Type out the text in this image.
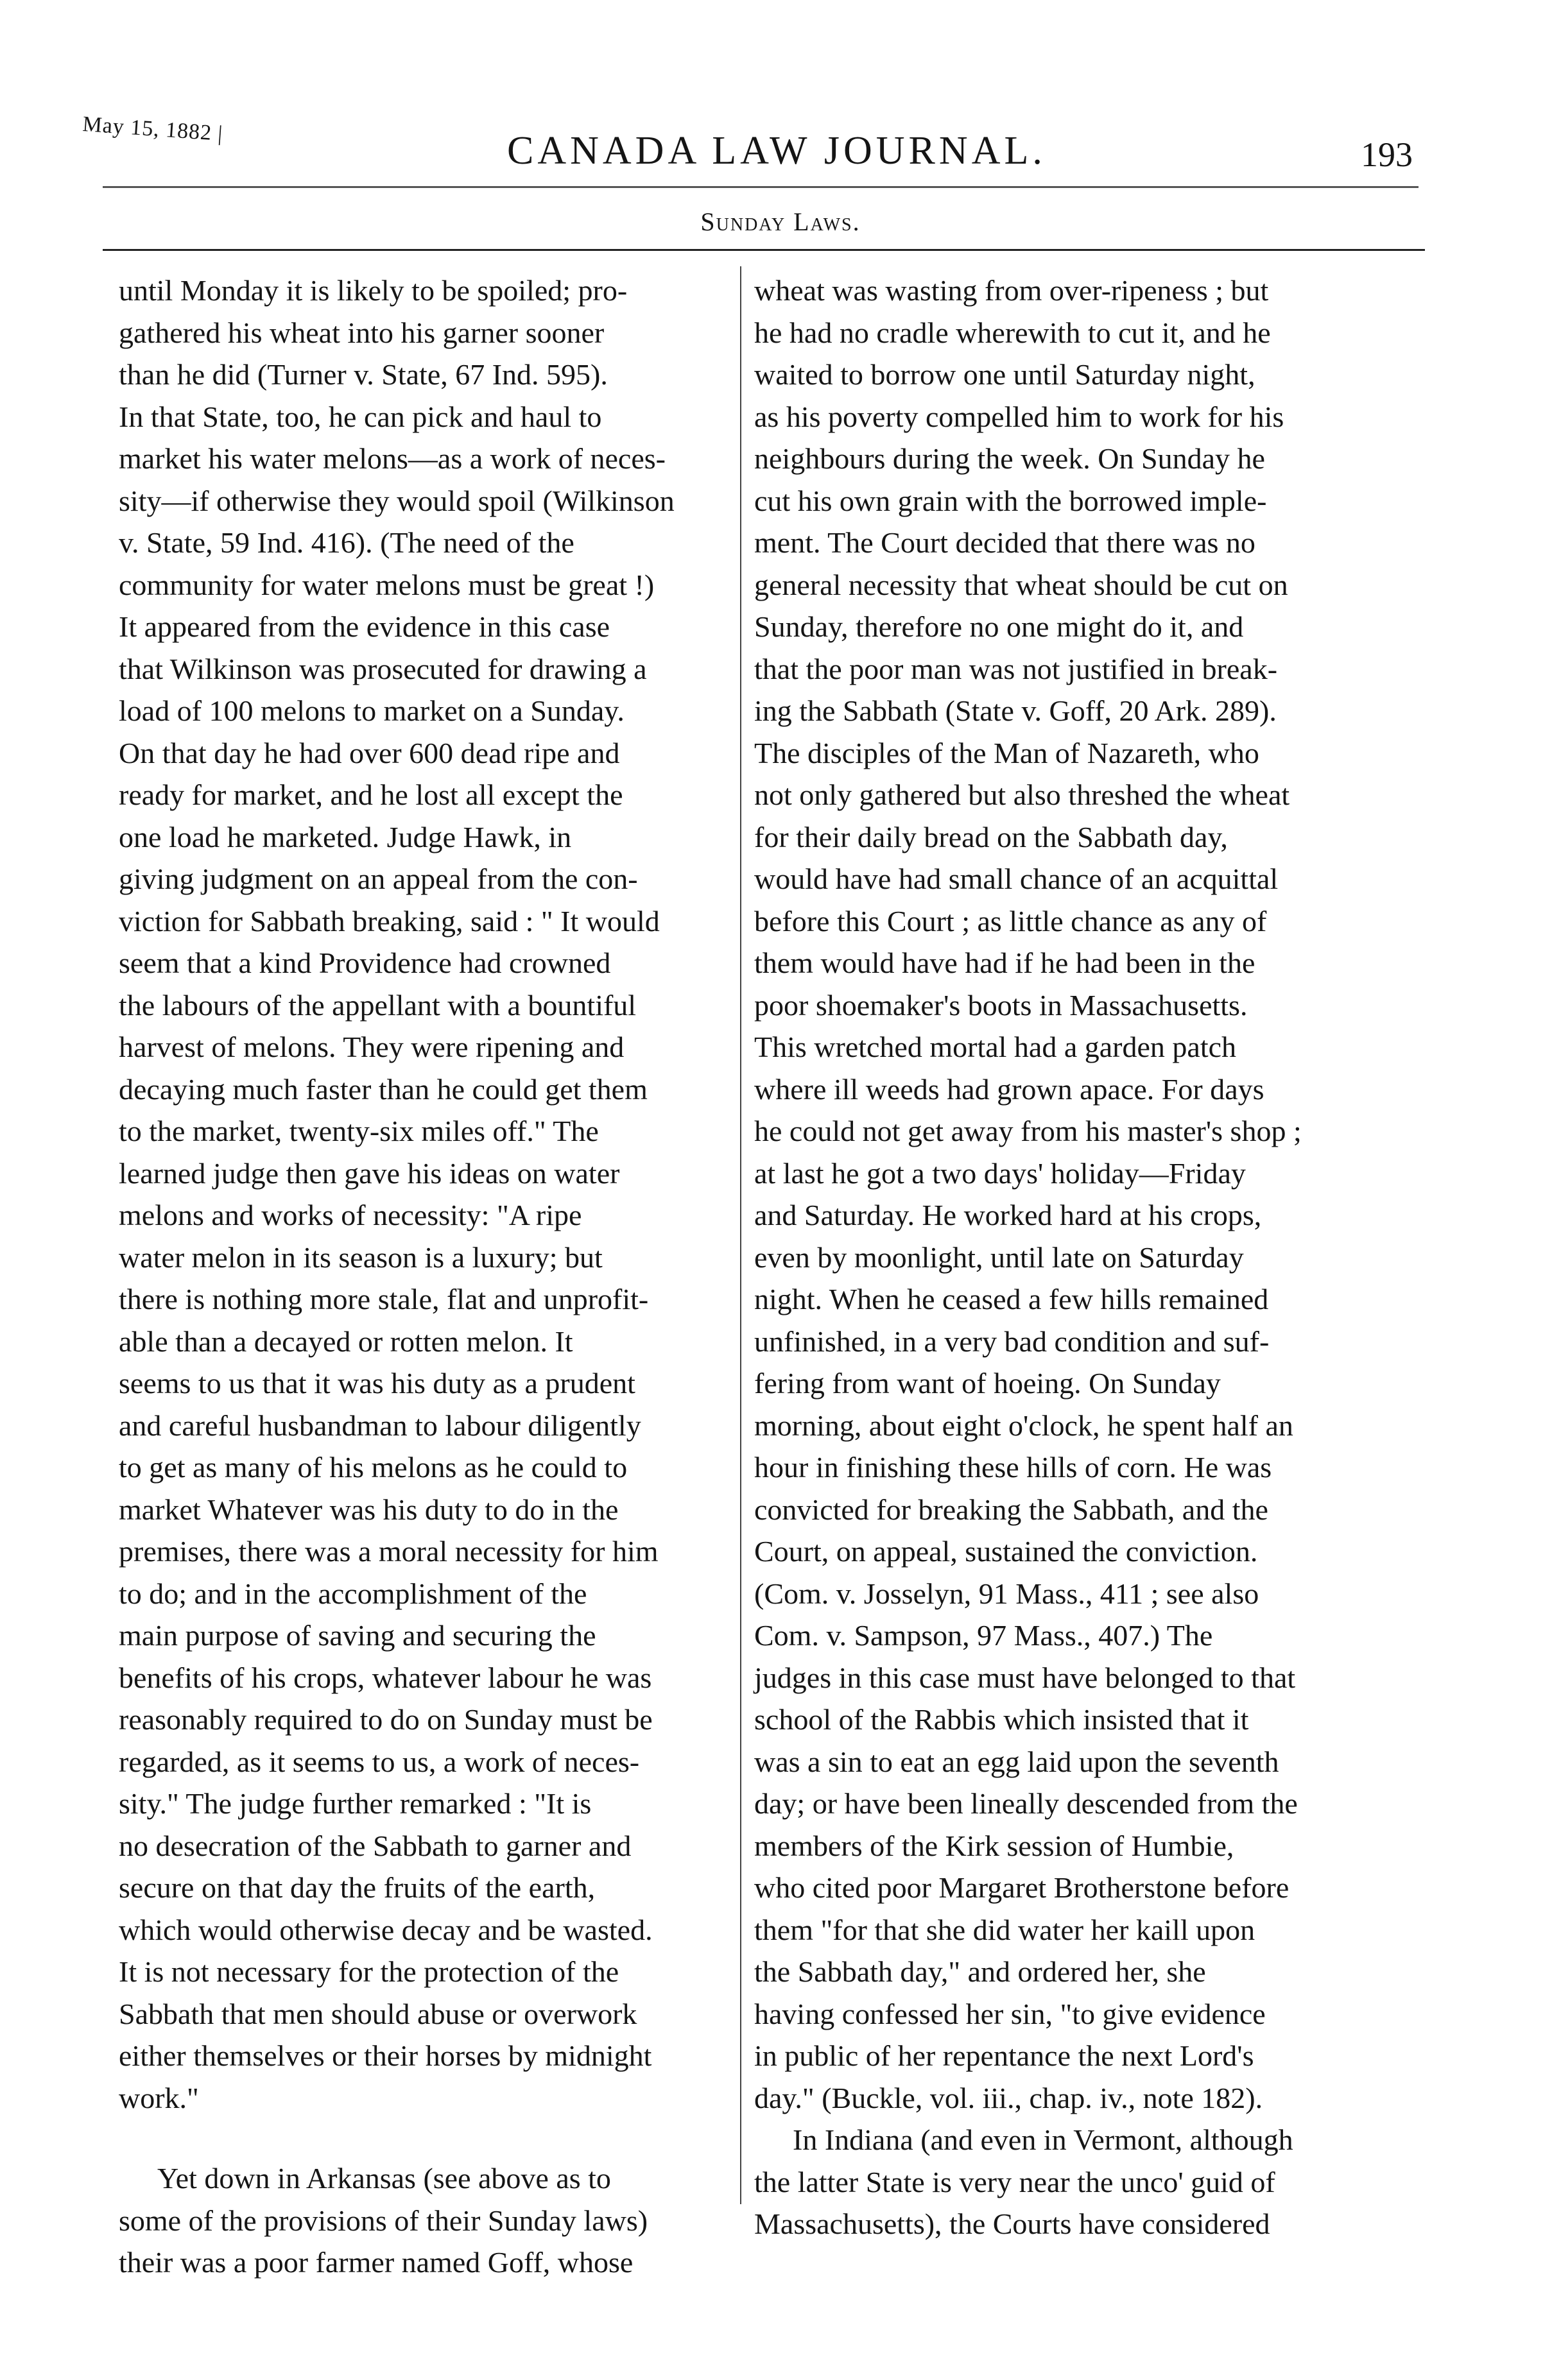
May 15, 1882 |	CANADA LAW JOURNAL.	193
Sunday Laws.
until Monday it is likely to be spoiled; pro-
gathered his wheat into his garner sooner
than he did (Turner v. State, 67 Ind. 595).
In that State, too, he can pick and haul to
market his water melons—as a work of neces-
sity—if otherwise they would spoil (Wilkinson
v. State, 59 Ind. 416). (The need of the
community for water melons must be great !)
It appeared from the evidence in this case
that Wilkinson was prosecuted for drawing a
load of 100 melons to market on a Sunday.
On that day he had over 600 dead ripe and
ready for market, and he lost all except the
one load he marketed. Judge Hawk, in
giving judgment on an appeal from the con-
viction for Sabbath breaking, said : " It would
seem that a kind Providence had crowned
the labours of the appellant with a bountiful
harvest of melons. They were ripening and
decaying much faster than he could get them
to the market, twenty-six miles off." The
learned judge then gave his ideas on water
melons and works of necessity: "A ripe
water melon in its season is a luxury; but
there is nothing more stale, flat and unprofit-
able than a decayed or rotten melon. It
seems to us that it was his duty as a prudent
and careful husbandman to labour diligently
to get as many of his melons as he could to
market Whatever was his duty to do in the
premises, there was a moral necessity for him
to do; and in the accomplishment of the
main purpose of saving and securing the
benefits of his crops, whatever labour he was
reasonably required to do on Sunday must be
regarded, as it seems to us, a work of neces-
sity." The judge further remarked : "It is
no desecration of the Sabbath to garner and
secure on that day the fruits of the earth,
which would otherwise decay and be wasted.
It is not necessary for the protection of the
Sabbath that men should abuse or overwork
either themselves or their horses by midnight
work."
Yet down in Arkansas (see above as to
some of the provisions of their Sunday laws)
their was a poor farmer named Goff, whose
wheat was wasting from over-ripeness ; but
he had no cradle wherewith to cut it, and he
waited to borrow one until Saturday night,
as his poverty compelled him to work for his
neighbours during the week. On Sunday he
cut his own grain with the borrowed imple-
ment. The Court decided that there was no
general necessity that wheat should be cut on
Sunday, therefore no one might do it, and
that the poor man was not justified in break-
ing the Sabbath (State v. Goff, 20 Ark. 289).
The disciples of the Man of Nazareth, who
not only gathered but also threshed the wheat
for their daily bread on the Sabbath day,
would have had small chance of an acquittal
before this Court ; as little chance as any of
them would have had if he had been in the
poor shoemaker's boots in Massachusetts.
This wretched mortal had a garden patch
where ill weeds had grown apace. For days
he could not get away from his master's shop ;
at last he got a two days' holiday—Friday
and Saturday. He worked hard at his crops,
even by moonlight, until late on Saturday
night. When he ceased a few hills remained
unfinished, in a very bad condition and suf-
fering from want of hoeing. On Sunday
morning, about eight o'clock, he spent half an
hour in finishing these hills of corn. He was
convicted for breaking the Sabbath, and the
Court, on appeal, sustained the conviction.
(Com. v. Josselyn, 91 Mass., 411 ; see also
Com. v. Sampson, 97 Mass., 407.) The
judges in this case must have belonged to that
school of the Rabbis which insisted that it
was a sin to eat an egg laid upon the seventh
day; or have been lineally descended from the
members of the Kirk session of Humbie,
who cited poor Margaret Brotherstone before
them "for that she did water her kaill upon
the Sabbath day," and ordered her, she
having confessed her sin, "to give evidence
in public of her repentance the next Lord's
day." (Buckle, vol. iii., chap. iv., note 182).
In Indiana (and even in Vermont, although
the latter State is very near the unco' guid of
Massachusetts), the Courts have considered
